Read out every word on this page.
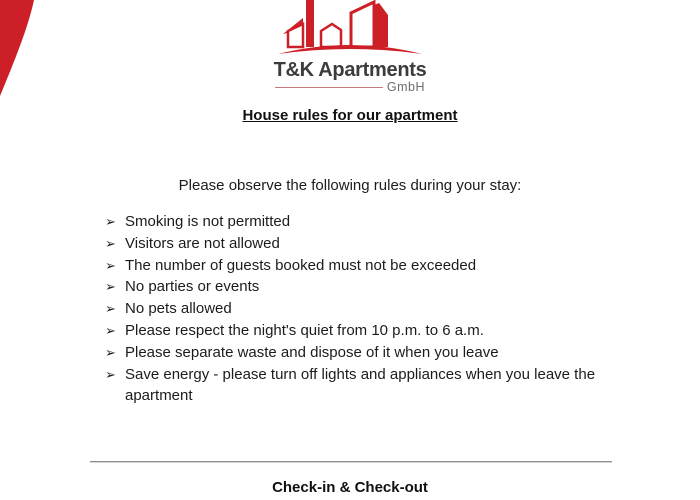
T&K Apartments
GmbH
House rules for our apartment

Please observe the following rules during your stay:

➢ Smoking is not permitted
➢ Visitors are not allowed
➢ The number of guests booked must not be exceeded
➢ No parties or events
➢ No pets allowed
➢ Please respect the night's quiet from 10 p.m. to 6 a.m.
➢ Please separate waste and dispose of it when you leave
➢ Save energy - please turn off lights and appliances when you leave the apartment
Check-in & Check-out
